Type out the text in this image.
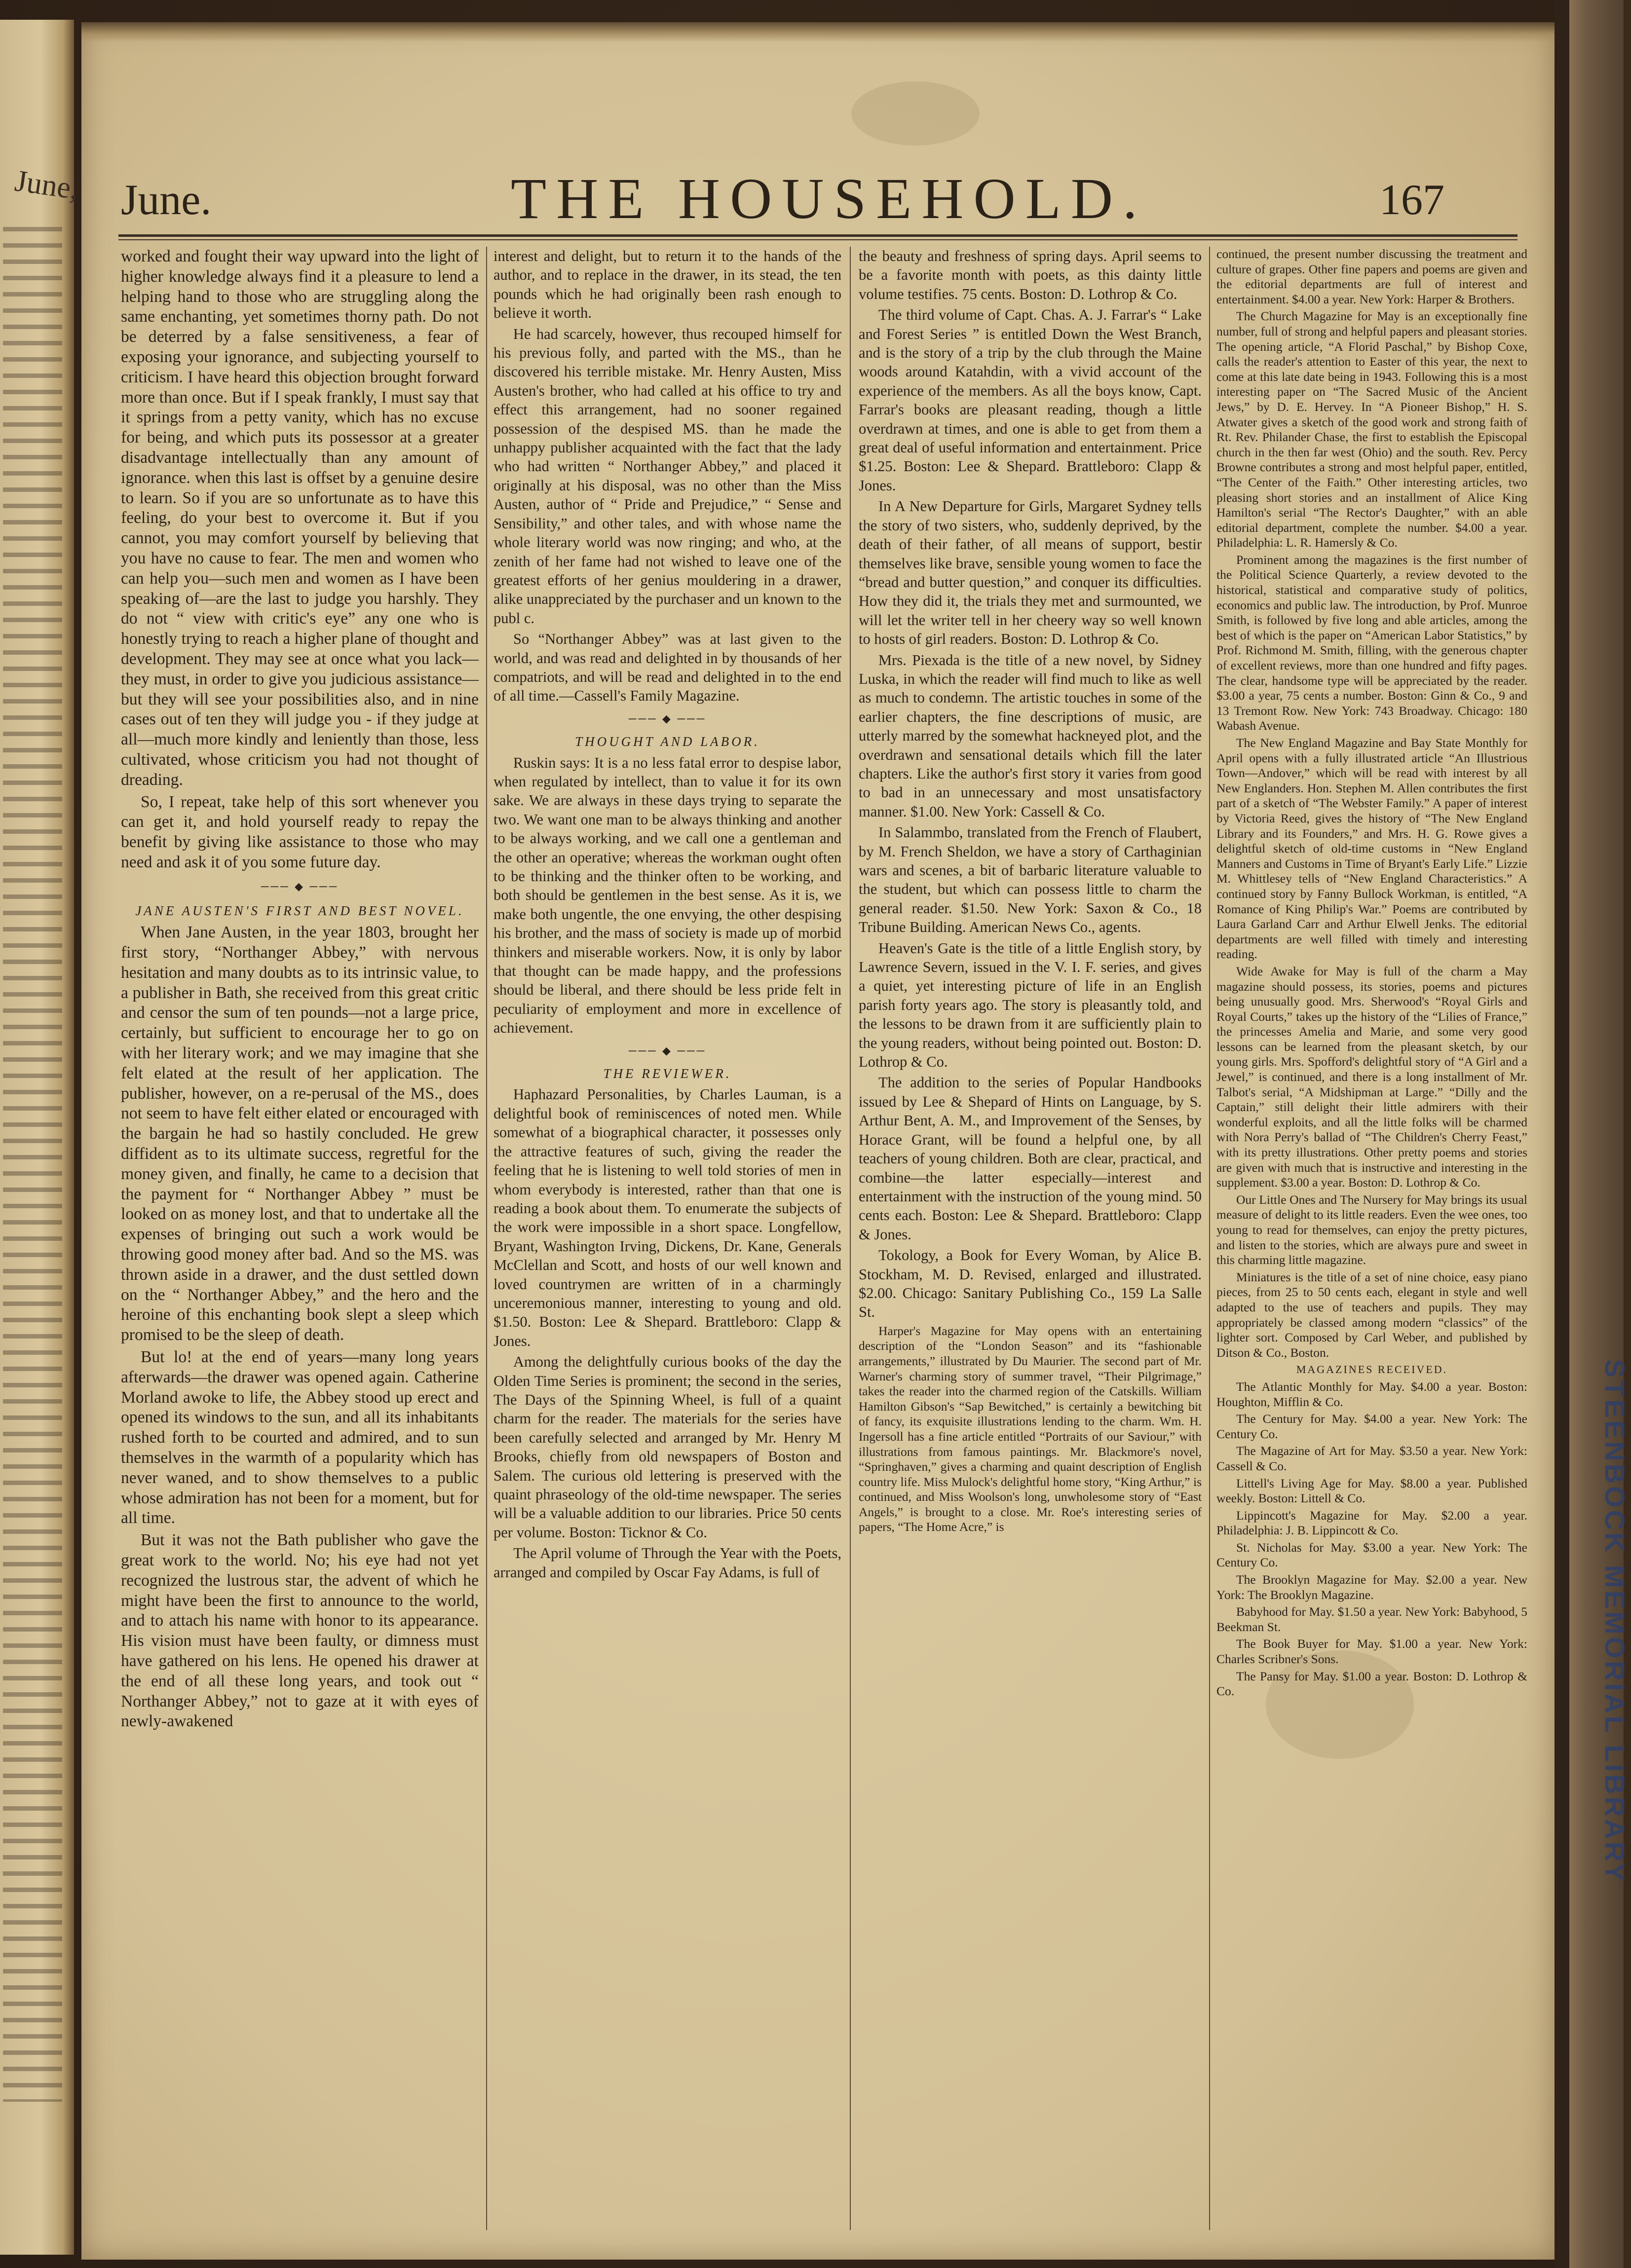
June, June.	THE HOUSEHOLD.	167

worked and fought their way upward into the light of higher knowledge always find it a pleasure to lend a helping hand to those who are struggling along the same enchanting, yet sometimes thorny path. Do not be deterred by a false sensitiveness, a fear of exposing your ignorance, and subjecting yourself to criticism. I have heard this objection brought forward more than once. But if I speak frankly, I must say that it springs from a petty vanity, which has no excuse for being, and which puts its possessor at a greater disadvantage intellectually than any amount of ignorance. when this last is offset by a genuine desire to learn. So if you are so unfortunate as to have this feeling, do your best to overcome it. But if you cannot, you may comfort yourself by believing that you have no cause to fear. The men and women who can help you—such men and women as I have been speaking of—are the last to judge you harshly. They do not “ view with critic's eye” any one who is honestly trying to reach a higher plane of thought and development. They may see at once what you lack—they must, in order to give you judicious assistance—but they will see your possibilities also, and in nine cases out of ten they will judge you - if they judge at all—much more kindly and leniently than those, less cultivated, whose criticism you had not thought of dreading.

So, I repeat, take help of this sort whenever you can get it, and hold yourself ready to repay the benefit by giving like assistance to those who may need and ask it of you some future day.

─── ◆ ───

JANE AUSTEN'S FIRST AND BEST NOVEL.

When Jane Austen, in the year 1803, brought her first story, “Northanger Abbey,” with nervous hesitation and many doubts as to its intrinsic value, to a publisher in Bath, she received from this great critic and censor the sum of ten pounds—not a large price, certainly, but sufficient to encourage her to go on with her literary work; and we may imagine that she felt elated at the result of her application. The publisher, however, on a re-perusal of the MS., does not seem to have felt either elated or encouraged with the bargain he had so hastily concluded. He grew diffident as to its ultimate success, regretful for the money given, and finally, he came to a decision that the payment for “ Northanger Abbey ” must be looked on as money lost, and that to undertake all the expenses of bringing out such a work would be throwing good money after bad. And so the MS. was thrown aside in a drawer, and the dust settled down on the “ Northanger Abbey,” and the hero and the heroine of this enchanting book slept a sleep which promised to be the sleep of death.

But lo! at the end of years—many long years afterwards—the drawer was opened again. Catherine Morland awoke to life, the Abbey stood up erect and opened its windows to the sun, and all its inhabitants rushed forth to be courted and admired, and to sun themselves in the warmth of a popularity which has never waned, and to show themselves to a public whose admiration has not been for a moment, but for all time.

But it was not the Bath publisher who gave the great work to the world. No; his eye had not yet recognized the lustrous star, the advent of which he might have been the first to announce to the world, and to attach his name with honor to its appearance. His vision must have been faulty, or dimness must have gathered on his lens. He opened his drawer at the end of all these long years, and took out “ Northanger Abbey,” not to gaze at it with eyes of newly-awakened

interest and delight, but to return it to the hands of the author, and to replace in the drawer, in its stead, the ten pounds which he had originally been rash enough to believe it worth.

He had scarcely, however, thus recouped himself for his previous folly, and parted with the MS., than he discovered his terrible mistake. Mr. Henry Austen, Miss Austen's brother, who had called at his office to try and effect this arrangement, had no sooner regained possession of the despised MS. than he made the unhappy publisher acquainted with the fact that the lady who had written “ Northanger Abbey,” and placed it originally at his disposal, was no other than the Miss Austen, author of “ Pride and Prejudice,” “ Sense and Sensibility,” and other tales, and with whose name the whole literary world was now ringing; and who, at the zenith of her fame had not wished to leave one of the greatest efforts of her genius mouldering in a drawer, alike unappreciated by the purchaser and un known to the publ c.

So “Northanger Abbey” was at last given to the world, and was read and delighted in by thousands of her compatriots, and will be read and delighted in to the end of all time.—Cassell's Family Magazine.

─── ◆ ───

THOUGHT AND LABOR.

Ruskin says: It is a no less fatal error to despise labor, when regulated by intellect, than to value it for its own sake. We are always in these days trying to separate the two. We want one man to be always thinking and another to be always working, and we call one a gentleman and the other an operative; whereas the workman ought often to be thinking and the thinker often to be working, and both should be gentlemen in the best sense. As it is, we make both ungentle, the one envying, the other despising his brother, and the mass of society is made up of morbid thinkers and miserable workers. Now, it is only by labor that thought can be made happy, and the professions should be liberal, and there should be less pride felt in peculiarity of employment and more in excellence of achievement.

─── ◆ ───

THE REVIEWER.

Haphazard Personalities, by Charles Lauman, is a delightful book of reminiscences of noted men. While somewhat of a biographical character, it possesses only the attractive features of such, giving the reader the feeling that he is listening to well told stories of men in whom everybody is interested, rather than that one is reading a book about them. To enumerate the subjects of the work were impossible in a short space. Longfellow, Bryant, Washington Irving, Dickens, Dr. Kane, Generals McClellan and Scott, and hosts of our well known and loved countrymen are written of in a charmingly unceremonious manner, interesting to young and old. $1.50. Boston: Lee & Shepard. Brattleboro: Clapp & Jones.

Among the delightfully curious books of the day the Olden Time Series is prominent; the second in the series, The Days of the Spinning Wheel, is full of a quaint charm for the reader. The materials for the series have been carefully selected and arranged by Mr. Henry M Brooks, chiefly from old newspapers of Boston and Salem. The curious old lettering is preserved with the quaint phraseology of the old-time newspaper. The series will be a valuable addition to our libraries. Price 50 cents per volume. Boston: Ticknor & Co.

The April volume of Through the Year with the Poets, arranged and compiled by Oscar Fay Adams, is full of

the beauty and freshness of spring days. April seems to be a favorite month with poets, as this dainty little volume testifies. 75 cents. Boston: D. Lothrop & Co.

The third volume of Capt. Chas. A. J. Farrar's “ Lake and Forest Series ” is entitled Down the West Branch, and is the story of a trip by the club through the Maine woods around Katahdin, with a vivid account of the experience of the members. As all the boys know, Capt. Farrar's books are pleasant reading, though a little overdrawn at times, and one is able to get from them a great deal of useful information and entertainment. Price $1.25. Boston: Lee & Shepard. Brattleboro: Clapp & Jones.

In A New Departure for Girls, Margaret Sydney tells the story of two sisters, who, suddenly deprived, by the death of their father, of all means of support, bestir themselves like brave, sensible young women to face the “bread and butter question,” and conquer its difficulties. How they did it, the trials they met and surmounted, we will let the writer tell in her cheery way so well known to hosts of girl readers. Boston: D. Lothrop & Co.

Mrs. Piexada is the title of a new novel, by Sidney Luska, in which the reader will find much to like as well as much to condemn. The artistic touches in some of the earlier chapters, the fine descriptions of music, are utterly marred by the somewhat hackneyed plot, and the overdrawn and sensational details which fill the later chapters. Like the author's first story it varies from good to bad in an unnecessary and most unsatisfactory manner. $1.00. New York: Cassell & Co.

In Salammbo, translated from the French of Flaubert, by M. French Sheldon, we have a story of Carthaginian wars and scenes, a bit of barbaric literature valuable to the student, but which can possess little to charm the general reader. $1.50. New York: Saxon & Co., 18 Tribune Building. American News Co., agents.

Heaven's Gate is the title of a little English story, by Lawrence Severn, issued in the V. I. F. series, and gives a quiet, yet interesting picture of life in an English parish forty years ago. The story is pleasantly told, and the lessons to be drawn from it are sufficiently plain to the young readers, without being pointed out. Boston: D. Lothrop & Co.

The addition to the series of Popular Handbooks issued by Lee & Shepard of Hints on Language, by S. Arthur Bent, A. M., and Improvement of the Senses, by Horace Grant, will be found a helpful one, by all teachers of young children. Both are clear, practical, and combine—the latter especially—interest and entertainment with the instruction of the young mind. 50 cents each. Boston: Lee & Shepard. Brattleboro: Clapp & Jones.

Tokology, a Book for Every Woman, by Alice B. Stockham, M. D. Revised, enlarged and illustrated. $2.00. Chicago: Sanitary Publishing Co., 159 La Salle St.

Harper's Magazine for May opens with an entertaining description of the “London Season” and its “fashionable arrangements,” illustrated by Du Maurier. The second part of Mr. Warner's charming story of summer travel, “Their Pilgrimage,” takes the reader into the charmed region of the Catskills. William Hamilton Gibson's “Sap Bewitched,” is certainly a bewitching bit of fancy, its exquisite illustrations lending to the charm. Wm. H. Ingersoll has a fine article entitled “Portraits of our Saviour,” with illustrations from famous paintings. Mr. Blackmore's novel, “Springhaven,” gives a charming and quaint description of English country life. Miss Mulock's delightful home story, “King Arthur,” is continued, and Miss Woolson's long, unwholesome story of “East Angels,” is brought to a close. Mr. Roe's interesting series of papers, “The Home Acre,” is

continued, the present number discussing the treatment and culture of grapes. Other fine papers and poems are given and the editorial departments are full of interest and entertainment. $4.00 a year. New York: Harper & Brothers.

The Church Magazine for May is an exceptionally fine number, full of strong and helpful papers and pleasant stories. The opening article, “A Florid Paschal,” by Bishop Coxe, calls the reader's attention to Easter of this year, the next to come at this late date being in 1943. Following this is a most interesting paper on “The Sacred Music of the Ancient Jews,” by D. E. Hervey. In “A Pioneer Bishop,” H. S. Atwater gives a sketch of the good work and strong faith of Rt. Rev. Philander Chase, the first to establish the Episcopal church in the then far west (Ohio) and the south. Rev. Percy Browne contributes a strong and most helpful paper, entitled, “The Center of the Faith.” Other interesting articles, two pleasing short stories and an installment of Alice King Hamilton's serial “The Rector's Daughter,” with an able editorial department, complete the number. $4.00 a year. Philadelphia: L. R. Hamersly & Co.

Prominent among the magazines is the first number of the Political Science Quarterly, a review devoted to the historical, statistical and comparative study of politics, economics and public law. The introduction, by Prof. Munroe Smith, is followed by five long and able articles, among the best of which is the paper on “American Labor Statistics,” by Prof. Richmond M. Smith, filling, with the generous chapter of excellent reviews, more than one hundred and fifty pages. The clear, handsome type will be appreciated by the reader. $3.00 a year, 75 cents a number. Boston: Ginn & Co., 9 and 13 Tremont Row. New York: 743 Broadway. Chicago: 180 Wabash Avenue.

The New England Magazine and Bay State Monthly for April opens with a fully illustrated article “An Illustrious Town—Andover,” which will be read with interest by all New Englanders. Hon. Stephen M. Allen contributes the first part of a sketch of “The Webster Family.” A paper of interest by Victoria Reed, gives the history of “The New England Library and its Founders,” and Mrs. H. G. Rowe gives a delightful sketch of old-time customs in “New England Manners and Customs in Time of Bryant's Early Life.” Lizzie M. Whittlesey tells of “New England Characteristics.” A continued story by Fanny Bullock Workman, is entitled, “A Romance of King Philip's War.” Poems are contributed by Laura Garland Carr and Arthur Elwell Jenks. The editorial departments are well filled with timely and interesting reading.

Wide Awake for May is full of the charm a May magazine should possess, its stories, poems and pictures being unusually good. Mrs. Sherwood's “Royal Girls and Royal Courts,” takes up the history of the “Lilies of France,” the princesses Amelia and Marie, and some very good lessons can be learned from the pleasant sketch, by our young girls. Mrs. Spofford's delightful story of “A Girl and a Jewel,” is continued, and there is a long installment of Mr. Talbot's serial, “A Midshipman at Large.” “Dilly and the Captain,” still delight their little admirers with their wonderful exploits, and all the little folks will be charmed with Nora Perry's ballad of “The Children's Cherry Feast,” with its pretty illustrations. Other pretty poems and stories are given with much that is instructive and interesting in the supplement. $3.00 a year. Boston: D. Lothrop & Co.

Our Little Ones and The Nursery for May brings its usual measure of delight to its little readers. Even the wee ones, too young to read for themselves, can enjoy the pretty pictures, and listen to the stories, which are always pure and sweet in this charming little magazine.

Miniatures is the title of a set of nine choice, easy piano pieces, from 25 to 50 cents each, elegant in style and well adapted to the use of teachers and pupils. They may appropriately be classed among modern “classics” of the lighter sort. Composed by Carl Weber, and published by Ditson & Co., Boston.

MAGAZINES RECEIVED.

The Atlantic Monthly for May. $4.00 a year. Boston: Houghton, Mifflin & Co.

The Century for May. $4.00 a year. New York: The Century Co.

The Magazine of Art for May. $3.50 a year. New York: Cassell & Co.

Littell's Living Age for May. $8.00 a year. Published weekly. Boston: Littell & Co.

Lippincott's Magazine for May. $2.00 a year. Philadelphia: J. B. Lippincott & Co.

St. Nicholas for May. $3.00 a year. New York: The Century Co.

The Brooklyn Magazine for May. $2.00 a year. New York: The Brooklyn Magazine.

Babyhood for May. $1.50 a year. New York: Babyhood, 5 Beekman St.

The Book Buyer for May. $1.00 a year. New York: Charles Scribner's Sons.

The Pansy for May. $1.00 a year. Boston: D. Lothrop & Co.	STEENBOCK MEMORIAL LIBRARY
